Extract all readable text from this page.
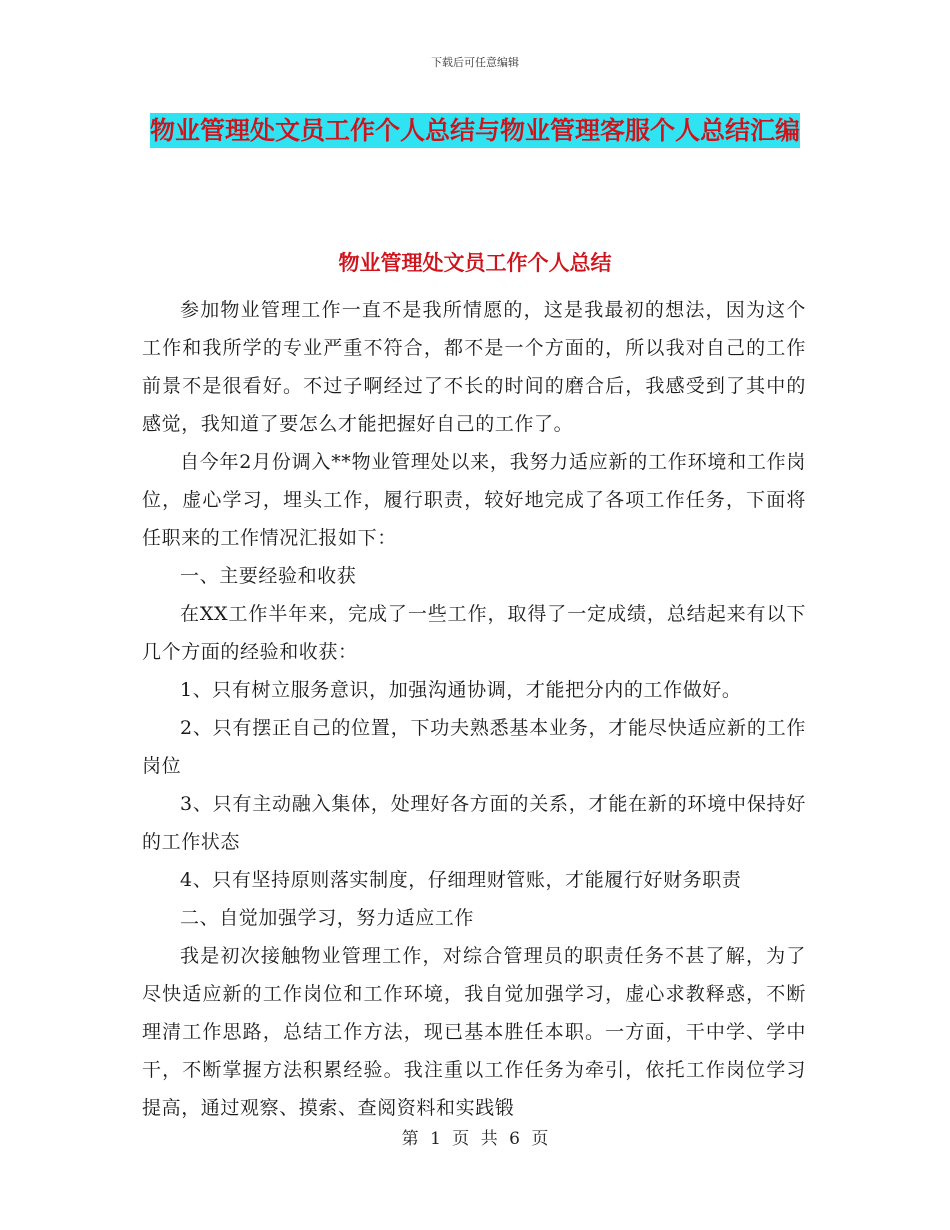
下载后可任意编辑
物业管理处文员工作个人总结与物业管理客服个人总结汇编
物业管理处文员工作个人总结

参加物业管理工作一直不是我所情愿的，这是我最初的想法，因为这个工作和我所学的专业严重不符合，都不是一个方面的，所以我对自己的工作前景不是很看好。不过子啊经过了不长的时间的磨合后，我感受到了其中的感觉，我知道了要怎么才能把握好自己的工作了。

自今年2月份调入**物业管理处以来，我努力适应新的工作环境和工作岗位，虚心学习，埋头工作，履行职责，较好地完成了各项工作任务，下面将任职来的工作情况汇报如下：

一、主要经验和收获

在XX工作半年来，完成了一些工作，取得了一定成绩，总结起来有以下几个方面的经验和收获：

1、只有树立服务意识，加强沟通协调，才能把分内的工作做好。

2、只有摆正自己的位置，下功夫熟悉基本业务，才能尽快适应新的工作岗位

3、只有主动融入集体，处理好各方面的关系，才能在新的环境中保持好的工作状态

4、只有坚持原则落实制度，仔细理财管账，才能履行好财务职责

二、自觉加强学习，努力适应工作

我是初次接触物业管理工作，对综合管理员的职责任务不甚了解，为了尽快适应新的工作岗位和工作环境，我自觉加强学习，虚心求教释惑，不断理清工作思路，总结工作方法，现已基本胜任本职。一方面，干中学、学中干，不断掌握方法积累经验。我注重以工作任务为牵引，依托工作岗位学习提高，通过观察、摸索、查阅资料和实践锻

第 1 页 共 6 页
